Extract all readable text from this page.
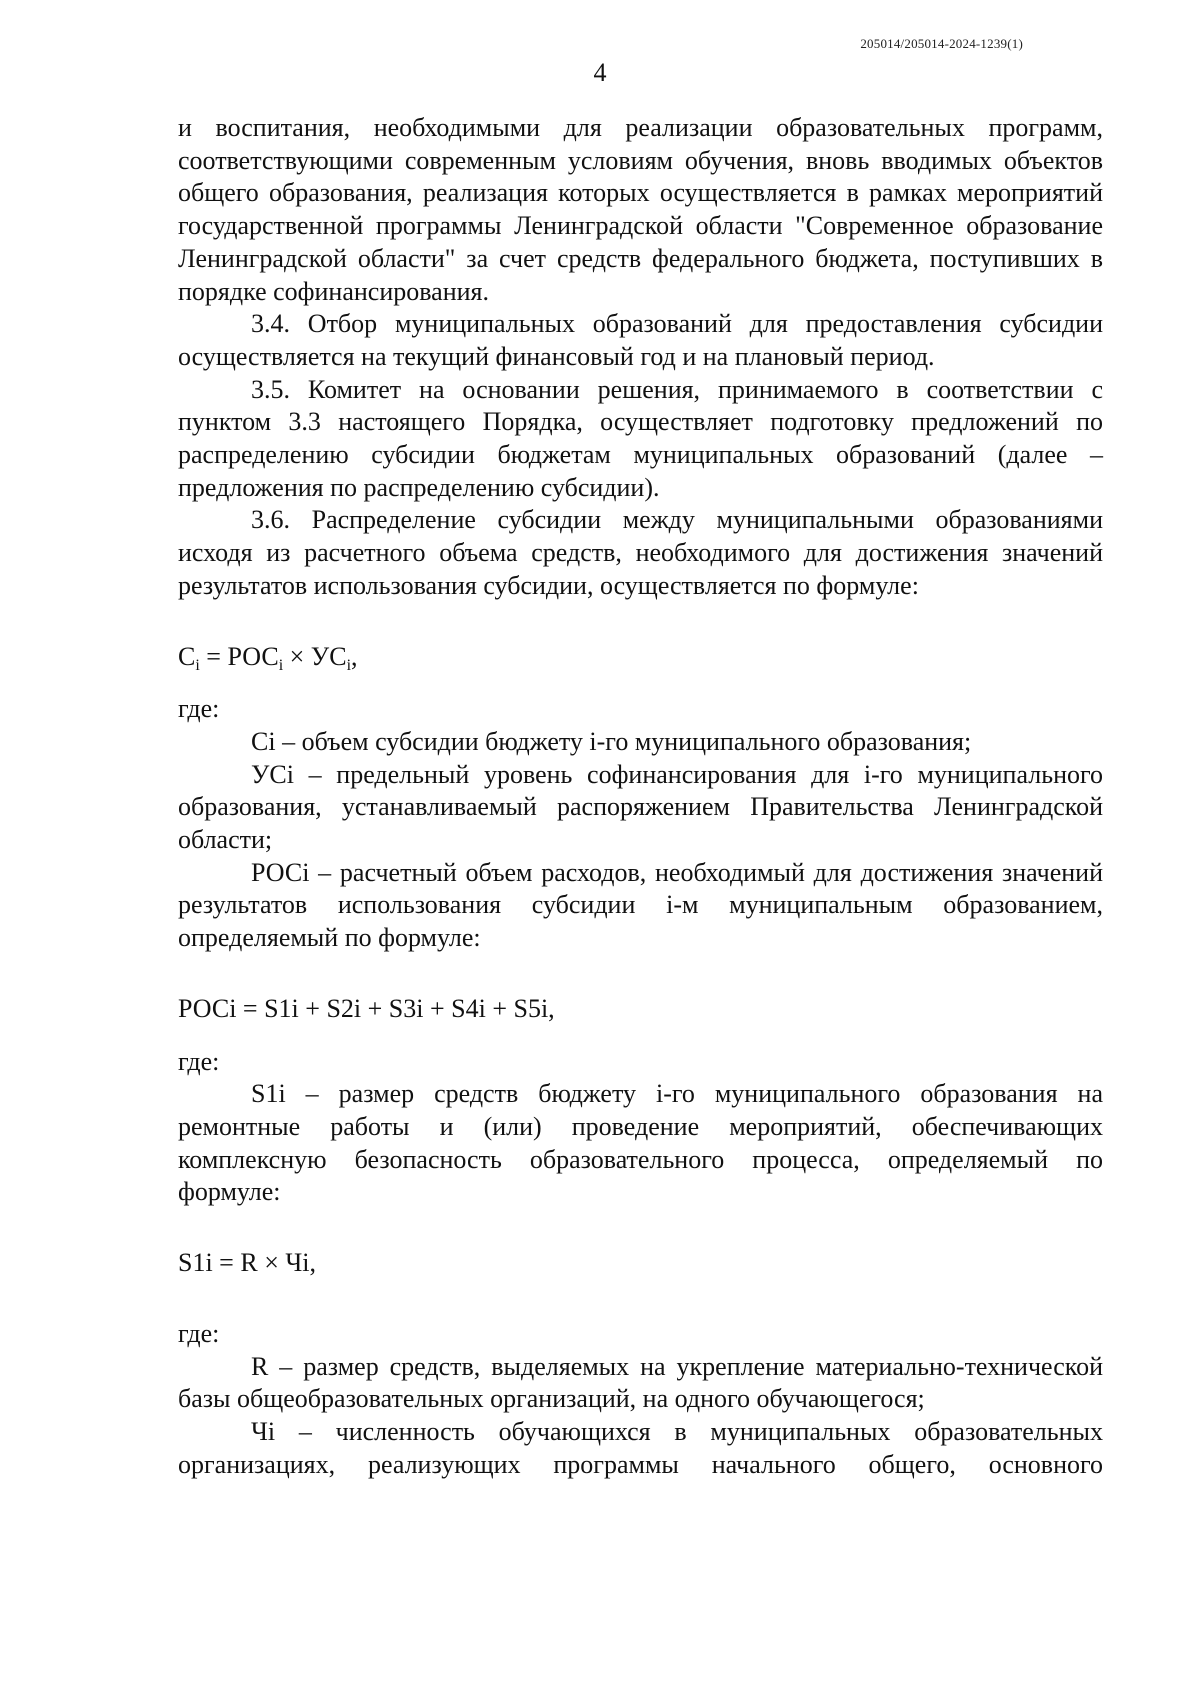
205014/205014-2024-1239(1)
4

и воспитания, необходимыми для реализации образовательных программ, соответствующими современным условиям обучения, вновь вводимых объектов общего образования, реализация которых осуществляется в рамках мероприятий государственной программы Ленинградской области "Современное образование Ленинградской области" за счет средств федерального бюджета, поступивших в порядке софинансирования.

3.4. Отбор муниципальных образований для предоставления субсидии осуществляется на текущий финансовый год и на плановый период.

3.5. Комитет на основании решения, принимаемого в соответствии с пунктом 3.3 настоящего Порядка, осуществляет подготовку предложений по распределению субсидии бюджетам муниципальных образований (далее – предложения по распределению субсидии).

3.6. Распределение субсидии между муниципальными образованиями исходя из расчетного объема средств, необходимого для достижения значений результатов использования субсидии, осуществляется по формуле:

$C_i = РОС_i \times УС_i$,

где:

Ci – объем субсидии бюджету i-го муниципального образования;

УCi – предельный уровень софинансирования для i-го муниципального образования, устанавливаемый распоряжением Правительства Ленинградской области;

РОСi – расчетный объем расходов, необходимый для достижения значений результатов использования субсидии i-м муниципальным образованием, определяемый по формуле:

РОСi = S1i + S2i + S3i + S4i + S5i,

где:

S1i – размер средств бюджету i-го муниципального образования на ремонтные работы и (или) проведение мероприятий, обеспечивающих комплексную безопасность образовательного процесса, определяемый по формуле:

S1i = R × Чi,

где:

R – размер средств, выделяемых на укрепление материально-технической базы общеобразовательных организаций, на одного обучающегося;

Чi – численность обучающихся в муниципальных образовательных организациях, реализующих программы начального общего, основного
